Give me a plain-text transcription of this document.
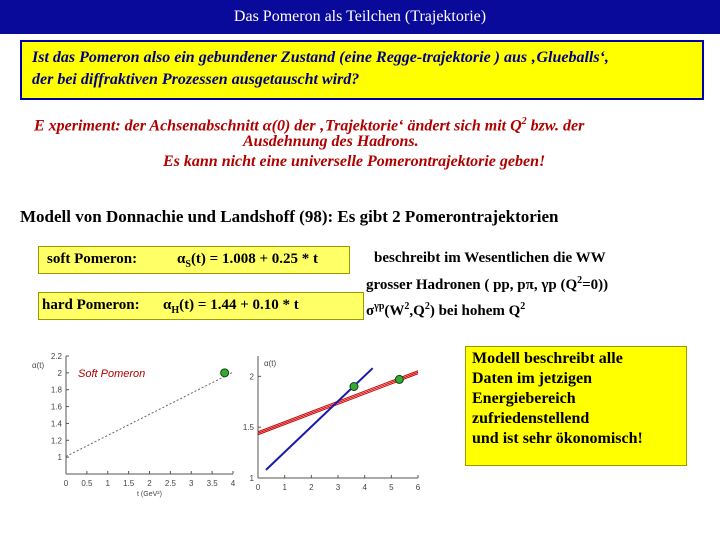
Das Pomeron als Teilchen (Trajektorie)
Ist das Pomeron also ein gebundener Zustand (eine Regge-trajektorie ) aus ‚Glueballs‘,
der bei diffraktiven Prozessen ausgetauscht wird?
E xperiment: der Achsenabschnitt α(0) der ‚Trajektorie‘ ändert sich mit $Q^2$ bzw. der
Ausdehnung des Hadrons.
Es kann nicht eine universelle Pomerontrajektorie geben!
Modell von Donnachie und Landshoff (98): Es gibt 2 Pomerontrajektorien
soft Pomeron:	$\alpha_S(t) = 1.008 + 0.25 * t$
hard Pomeron: $\alpha_H(t) = 1.44 + 0.10 * t$
beschreibt im Wesentlichen die WW
grosser Hadronen ( pp, pπ, γp $(Q^2=0)$)
$\sigma^{\gamma p}(W^2,Q^2)$ bei hohem $Q^2$
0 0.5 1 1.5 2 2.5 3 3.5 4
2.2
2
1.8
1.6
1.4
1.2
1
α(t)
t (GeV²)
Soft Pomeron
0	1	2	3	4	5	6
2
1.5
1
α(t)	Modell beschreibt alle
Daten im jetzigen
Energiebereich
zufriedenstellend
und ist sehr ökonomisch!
